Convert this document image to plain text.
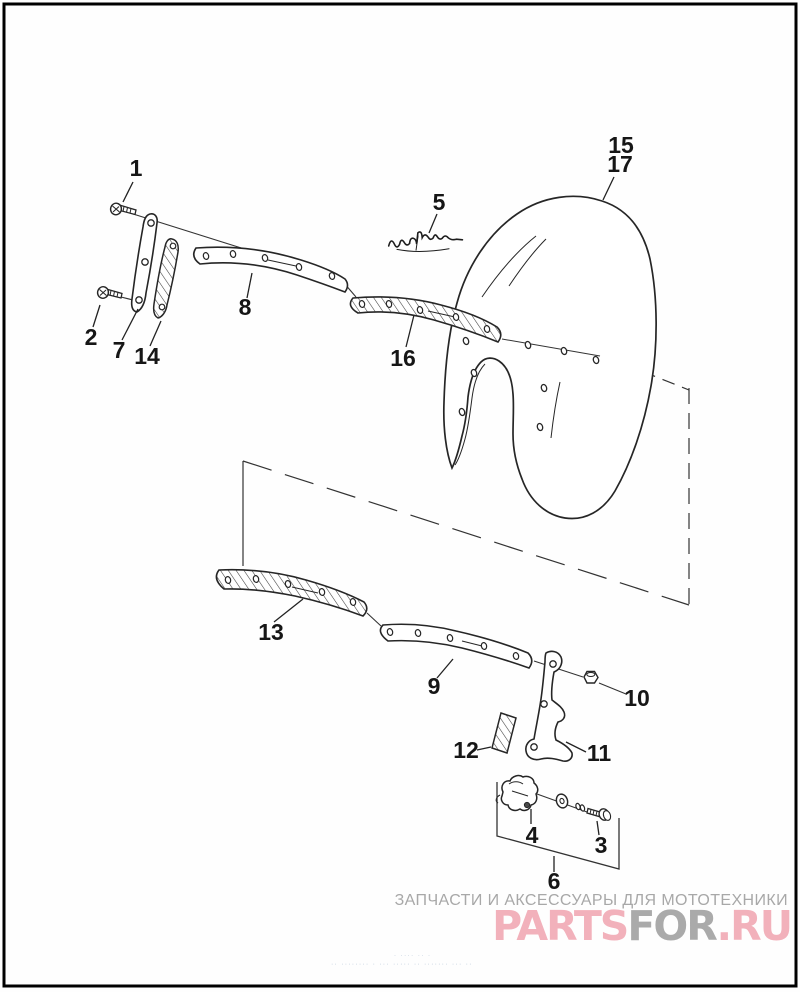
1
2 7 14
8
5
15
17
16
13
9	10
11
12
4 3
6
ЗАПЧАСТИ И АКСЕССУАРЫ ДЛЯ МОТОТЕХНИКИ
PARTSFOR.RU
· ···· ·· ·
·· ········ · ··· ····· ·· ······· ··· ··
